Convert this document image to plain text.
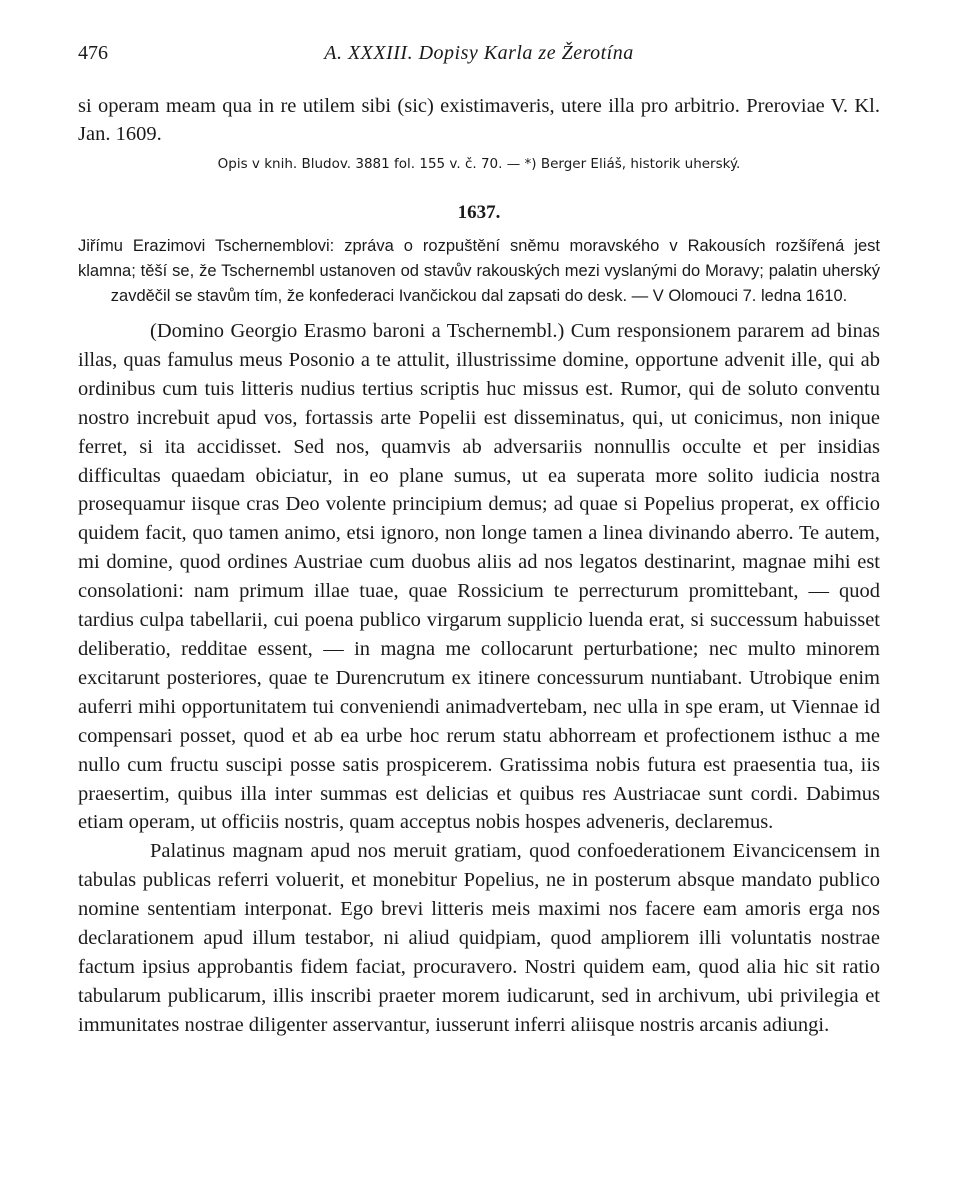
476	A. XXXIII. Dopisy Karla ze Žerotína

si operam meam qua in re utilem sibi (sic) existimaveris, utere illa pro arbitrio. Preroviae V. Kl. Jan. 1609.

Opis v knih. Bludov. 3881 fol. 155 v. č. 70. — *) Berger Eliáš, historik uherský.
1637.
Jiřímu Erazimovi Tschernemblovi: zpráva o rozpuštění sněmu moravského v Rakousích rozšířená jest klamna; těší se, že Tschernembl ustanoven od stavův rakouských mezi vyslanými do Moravy; palatin uherský zavděčil se stavům tím, že konfederaci Ivančickou dal zapsati do desk. — V Olomouci 7. ledna 1610.

(Domino Georgio Erasmo baroni a Tschernembl.) Cum responsionem pararem ad binas illas, quas famulus meus Posonio a te attulit, illustrissime domine, opportune advenit ille, qui ab ordinibus cum tuis litteris nudius tertius scriptis huc missus est. Rumor, qui de soluto conventu nostro increbuit apud vos, fortassis arte Popelii est disseminatus, qui, ut conicimus, non inique ferret, si ita accidisset. Sed nos, quamvis ab adversariis nonnullis occulte et per insidias difficultas quaedam obiciatur, in eo plane sumus, ut ea superata more solito iudicia nostra prosequamur iisque cras Deo volente principium demus; ad quae si Popelius properat, ex officio quidem facit, quo tamen animo, etsi ignoro, non longe tamen a linea divinando aberro. Te autem, mi domine, quod ordines Austriae cum duobus aliis ad nos legatos destinarint, magnae mihi est consolationi: nam primum illae tuae, quae Rossicium te perrecturum promittebant, — quod tardius culpa tabellarii, cui poena publico virgarum supplicio luenda erat, si successum habuisset deliberatio, redditae essent, — in magna me collocarunt perturbatione; nec multo minorem excitarunt posteriores, quae te Durencrutum ex itinere concessurum nuntiabant. Utrobique enim auferri mihi opportunitatem tui conveniendi animadvertebam, nec ulla in spe eram, ut Viennae id compensari posset, quod et ab ea urbe hoc rerum statu abhorream et profectionem isthuc a me nullo cum fructu suscipi posse satis prospicerem. Gratissima nobis futura est praesentia tua, iis praesertim, quibus illa inter summas est delicias et quibus res Austriacae sunt cordi. Dabimus etiam operam, ut officiis nostris, quam acceptus nobis hospes adveneris, declaremus.

Palatinus magnam apud nos meruit gratiam, quod confoederationem Eivancicensem in tabulas publicas referri voluerit, et monebitur Popelius, ne in posterum absque mandato publico nomine sententiam interponat. Ego brevi litteris meis maximi nos facere eam amoris erga nos declarationem apud illum testabor, ni aliud quidpiam, quod ampliorem illi voluntatis nostrae factum ipsius approbantis fidem faciat, procuravero. Nostri quidem eam, quod alia hic sit ratio tabularum publicarum, illis inscribi praeter morem iudicarunt, sed in archivum, ubi privilegia et immunitates nostrae diligenter asservantur, iusserunt inferri aliisque nostris arcanis adiungi.
